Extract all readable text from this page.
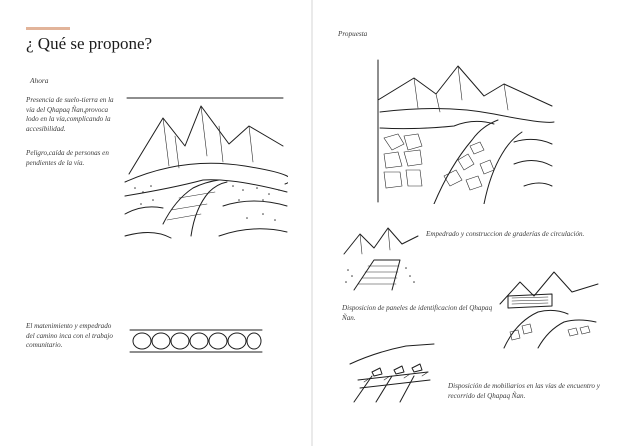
¿ Qué se propone?
Ahora
Presencia de suelo-tierra en la vía del Qhapaq Ñan,provoca lodo en la vía,complicando la accesibilidad.
Peligro,caída de personas en pendientes de la vía.
El matenimiento y empedrado del camino inca con el trabajo comunitario.
Propuesta
Empedrado y construccion de graderías de circulación.
Disposicion de paneles de identificacion del Qhapaq Ñan.
Disposición de mobiliarios en las vías de encuentro y recorrido del Qhapaq Ñan.
